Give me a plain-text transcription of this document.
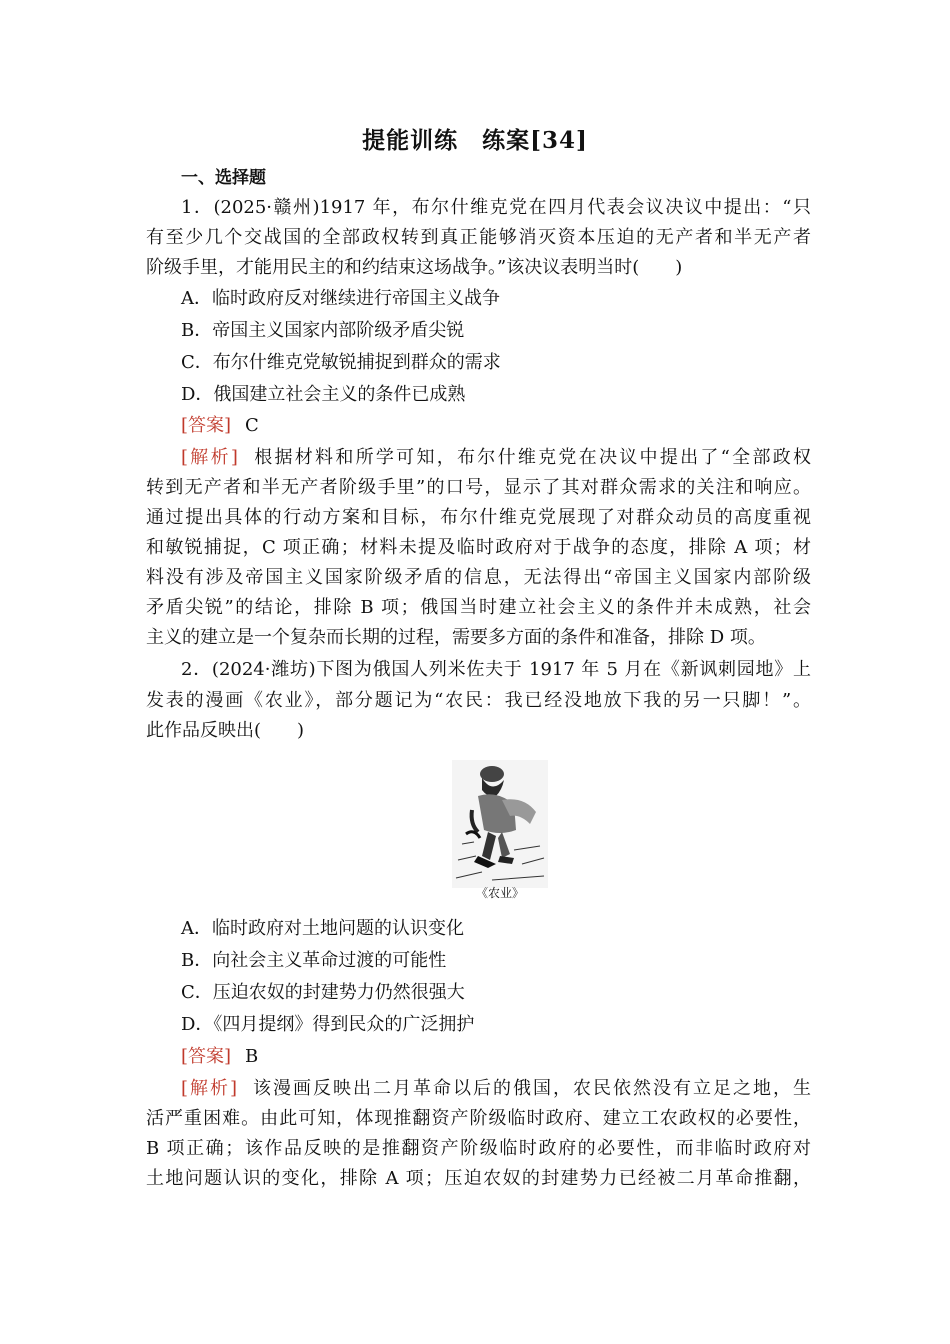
提能训练　练案[34]
一、选择题
1．(2025·赣州)1917 年，布尔什维克党在四月代表会议决议中提出：“只
有至少几个交战国的全部政权转到真正能够消灭资本压迫的无产者和半无产者
阶级手里，才能用民主的和约结束这场战争。”该决议表明当时(　　)
A．临时政府反对继续进行帝国主义战争
B．帝国主义国家内部阶级矛盾尖锐
C．布尔什维克党敏锐捕捉到群众的需求
D．俄国建立社会主义的条件已成熟
[答案] C
[解析] 根据材料和所学可知，布尔什维克党在决议中提出了“全部政权
转到无产者和半无产者阶级手里”的口号，显示了其对群众需求的关注和响应。
通过提出具体的行动方案和目标，布尔什维克党展现了对群众动员的高度重视
和敏锐捕捉，C 项正确；材料未提及临时政府对于战争的态度，排除 A 项；材
料没有涉及帝国主义国家阶级矛盾的信息，无法得出“帝国主义国家内部阶级
矛盾尖锐”的结论，排除 B 项；俄国当时建立社会主义的条件并未成熟，社会
主义的建立是一个复杂而长期的过程，需要多方面的条件和准备，排除 D 项。
2．(2024·潍坊)下图为俄国人列米佐夫于 1917 年 5 月在《新讽刺园地》上
发表的漫画《农业》，部分题记为“农民：我已经没地放下我的另一只脚！”。
此作品反映出(　　)
《农业》
A．临时政府对土地问题的认识变化
B．向社会主义革命过渡的可能性
C．压迫农奴的封建势力仍然很强大
D．《四月提纲》得到民众的广泛拥护
[答案] B
[解析] 该漫画反映出二月革命以后的俄国，农民依然没有立足之地，生
活严重困难。由此可知，体现推翻资产阶级临时政府、建立工农政权的必要性，
B 项正确；该作品反映的是推翻资产阶级临时政府的必要性，而非临时政府对
土地问题认识的变化，排除 A 项；压迫农奴的封建势力已经被二月革命推翻，
